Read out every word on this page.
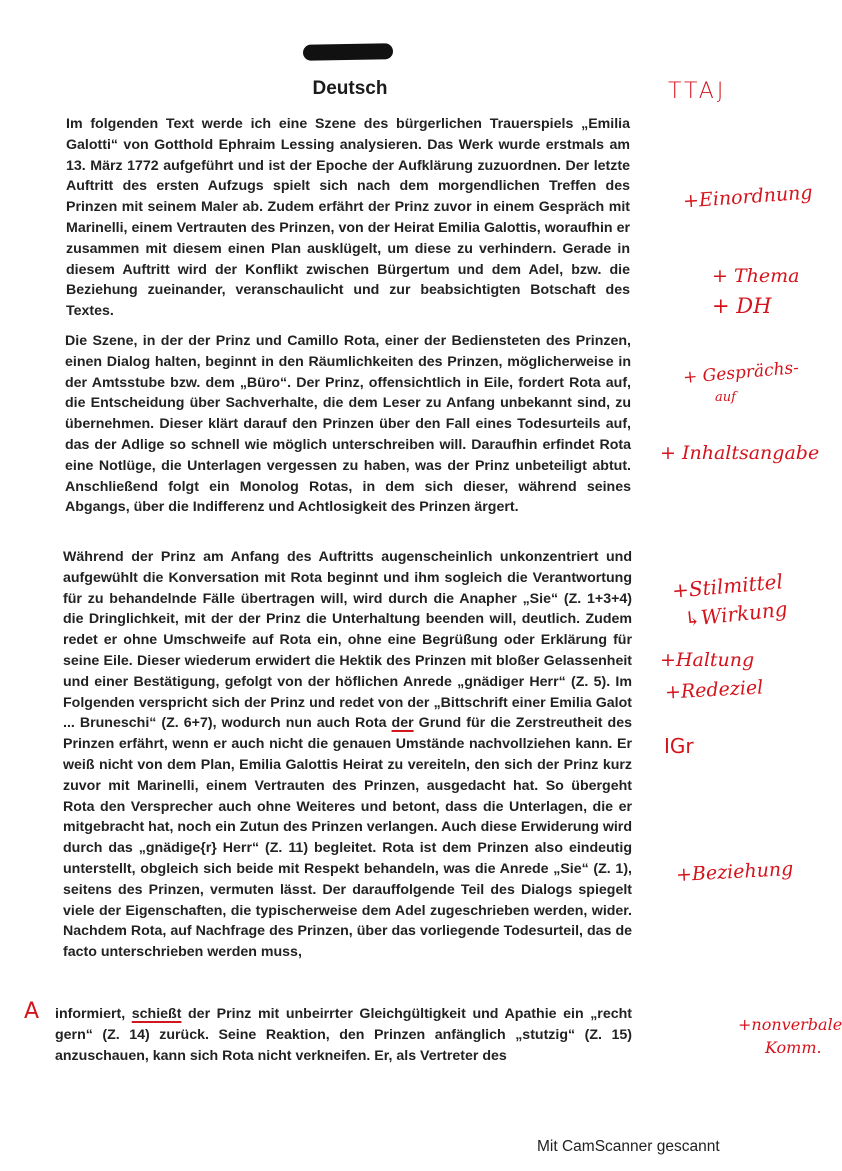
Deutsch

Im folgenden Text werde ich eine Szene des bürgerlichen Trauerspiels „Emilia Galotti“ von Gotthold Ephraim Lessing analysieren. Das Werk wurde erstmals am 13. März 1772 aufgeführt und ist der Epoche der Aufklärung zuzuordnen. Der letzte Auftritt des ersten Aufzugs spielt sich nach dem morgendlichen Treffen des Prinzen mit seinem Maler ab. Zudem erfährt der Prinz zuvor in einem Gespräch mit Marinelli, einem Vertrauten des Prinzen, von der Heirat Emilia Galottis, woraufhin er zusammen mit diesem einen Plan ausklügelt, um diese zu verhindern. Gerade in diesem Auftritt wird der Konflikt zwischen Bürgertum und dem Adel, bzw. die Beziehung zueinander, veranschaulicht und zur beabsichtigten Botschaft des Textes.

Die Szene, in der der Prinz und Camillo Rota, einer der Bediensteten des Prinzen, einen Dialog halten, beginnt in den Räumlichkeiten des Prinzen, möglicherweise in der Amtsstube bzw. dem „Büro“. Der Prinz, offensichtlich in Eile, fordert Rota auf, die Entscheidung über Sachverhalte, die dem Leser zu Anfang unbekannt sind, zu übernehmen. Dieser klärt darauf den Prinzen über den Fall eines Todesurteils auf, das der Adlige so schnell wie möglich unterschreiben will. Daraufhin erfindet Rota eine Notlüge, die Unterlagen vergessen zu haben, was der Prinz unbeteiligt abtut. Anschließend folgt ein Monolog Rotas, in dem sich dieser, während seines Abgangs, über die Indifferenz und Achtlosigkeit des Prinzen ärgert.

Während der Prinz am Anfang des Auftritts augenscheinlich unkonzentriert und aufgewühlt die Konversation mit Rota beginnt und ihm sogleich die Verantwortung für zu behandelnde Fälle übertragen will, wird durch die Anapher „Sie“ (Z. 1+3+4) die Dringlichkeit, mit der der Prinz die Unterhaltung beenden will, deutlich. Zudem redet er ohne Umschweife auf Rota ein, ohne eine Begrüßung oder Erklärung für seine Eile. Dieser wiederum erwidert die Hektik des Prinzen mit bloßer Gelassenheit und einer Bestätigung, gefolgt von der höflichen Anrede „gnädiger Herr“ (Z. 5). Im Folgenden verspricht sich der Prinz und redet von der „Bittschrift einer Emilia Galot ... Bruneschi“ (Z. 6+7), wodurch nun auch Rota der Grund für die Zerstreutheit des Prinzen erfährt, wenn er auch nicht die genauen Umstände nachvollziehen kann. Er weiß nicht von dem Plan, Emilia Galottis Heirat zu vereiteln, den sich der Prinz kurz zuvor mit Marinelli, einem Vertrauten des Prinzen, ausgedacht hat. So übergeht Rota den Versprecher auch ohne Weiteres und betont, dass die Unterlagen, die er mitgebracht hat, noch ein Zutun des Prinzen verlangen. Auch diese Erwiderung wird durch das „gnädige{r} Herr“ (Z. 11) begleitet. Rota ist dem Prinzen also eindeutig unterstellt, obgleich sich beide mit Respekt behandeln, was die Anrede „Sie“ (Z. 1), seitens des Prinzen, vermuten lässt. Der darauffolgende Teil des Dialogs spiegelt viele der Eigenschaften, die typischerweise dem Adel zugeschrieben werden, wider. Nachdem Rota, auf Nachfrage des Prinzen, über das vorliegende Todesurteil, das de facto unterschrieben werden muss,

informiert, schießt der Prinz mit unbeirrter Gleichgültigkeit und Apathie ein „recht gern“ (Z. 14) zurück. Seine Reaktion, den Prinzen anfänglich „stutzig“ (Z. 15) anzuschauen, kann sich Rota nicht verkneifen. Er, als Vertreter des

TTAJ
+Einordnung
+ Thema
+ DH
+ Gesprächs-
auf
+ Inhaltsangabe
+Stilmittel
↳Wirkung
+Haltung
+Redeziel
IGr
+Beziehung
A
+nonverbale
Komm.
Mit CamScanner gescannt
